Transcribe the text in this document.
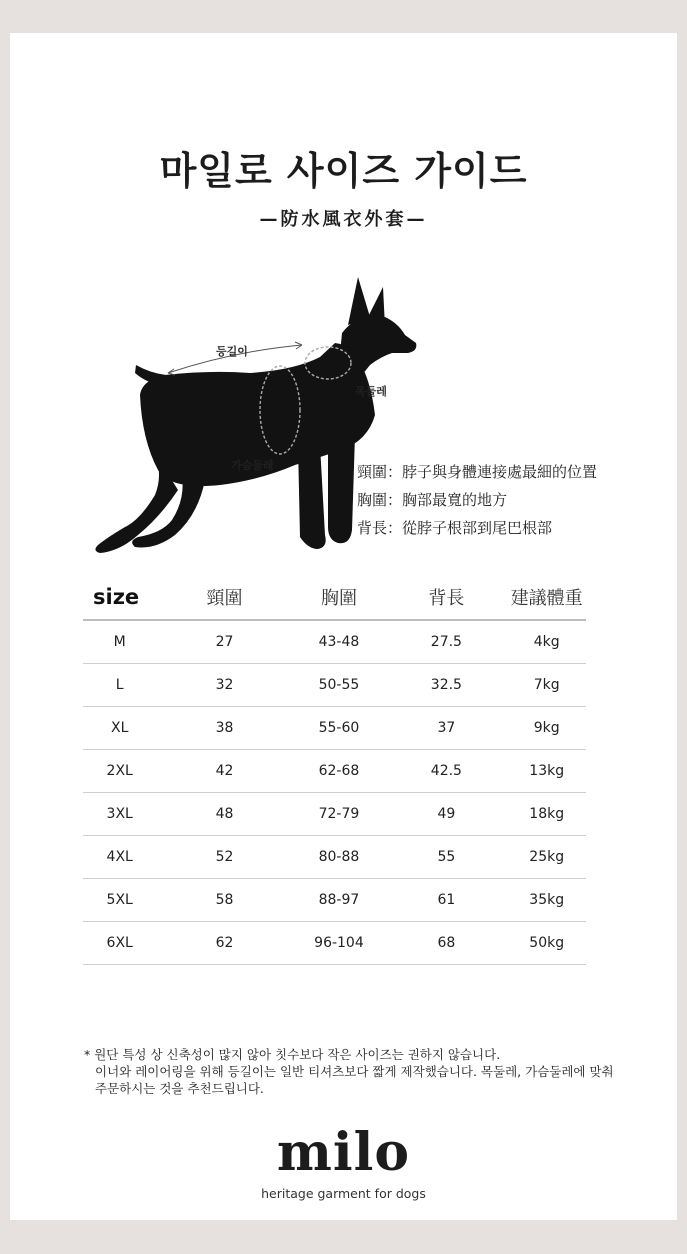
마일로 사이즈 가이드
—防水風衣外套—
등길이
목둘레
가슴둘레	頸圍：脖子與身體連接處最細的位置
胸圍：胸部最寬的地方
背長：從脖子根部到尾巴根部
size	頸圍	胸圍	背長	建議體重
M	27	43-48	27.5	4kg
L	32	50-55	32.5	7kg
XL	38	55-60	37	9kg
2XL	42	62-68	42.5	13kg
3XL	48	72-79	49	18kg
4XL	52	80-88	55	25kg
5XL	58	88-97	61	35kg
6XL	62	96-104	68	50kg
* 원단 특성 상 신축성이 많지 않아 칫수보다 작은 사이즈는 권하지 않습니다.
이너와 레이어링을 위해 등길이는 일반 티셔츠보다 짧게 제작했습니다. 목둘레, 가슴둘레에 맞춰
주문하시는 것을 추천드립니다.
milo
heritage garment for dogs
